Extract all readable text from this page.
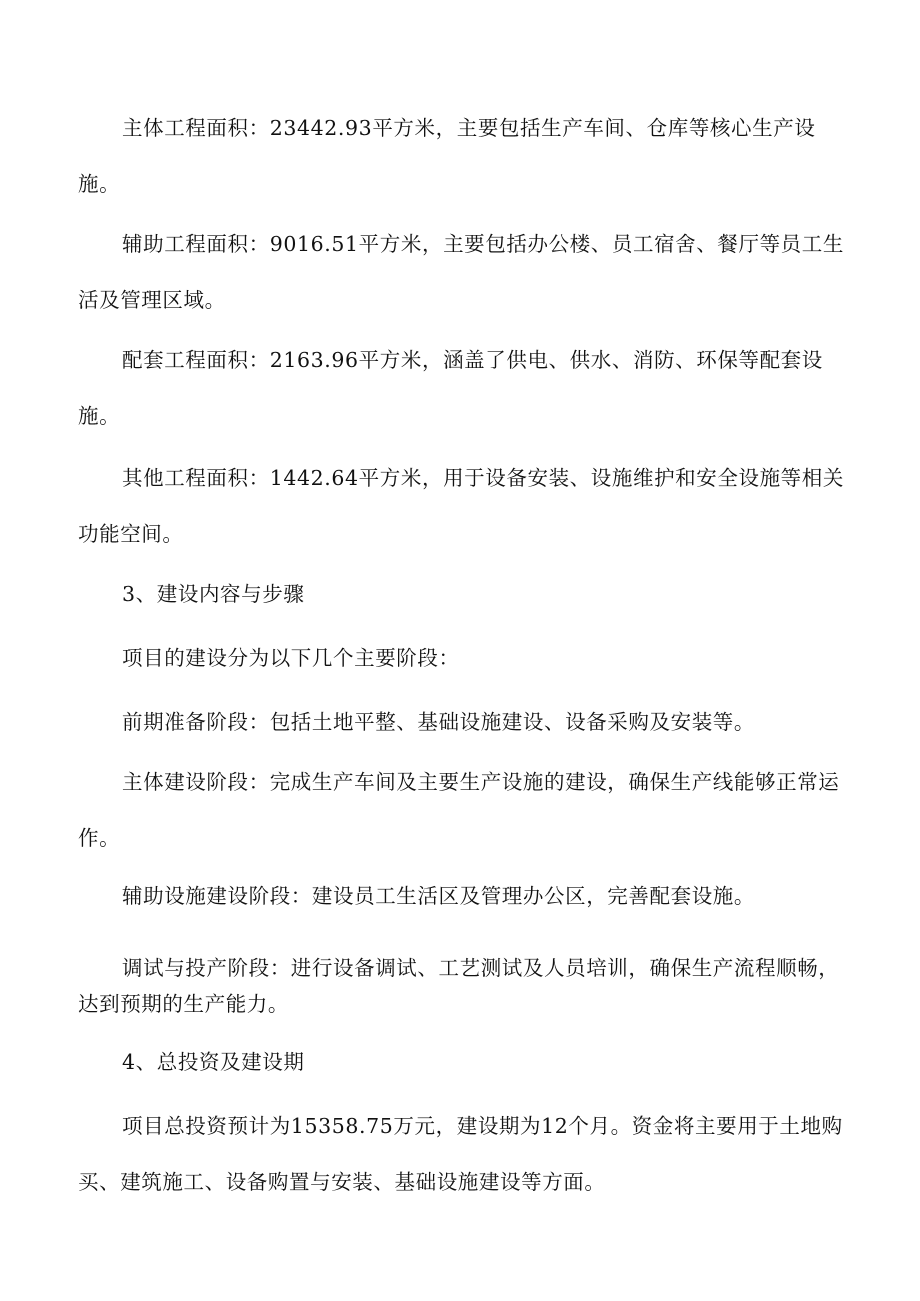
主体工程面积：23442.93平方米，主要包括生产车间、仓库等核心生产设施。

辅助工程面积：9016.51平方米，主要包括办公楼、员工宿舍、餐厅等员工生活及管理区域。

配套工程面积：2163.96平方米，涵盖了供电、供水、消防、环保等配套设施。

其他工程面积：1442.64平方米，用于设备安装、设施维护和安全设施等相关功能空间。

3、建设内容与步骤

项目的建设分为以下几个主要阶段：

前期准备阶段：包括土地平整、基础设施建设、设备采购及安装等。

主体建设阶段：完成生产车间及主要生产设施的建设，确保生产线能够正常运作。

辅助设施建设阶段：建设员工生活区及管理办公区，完善配套设施。

调试与投产阶段：进行设备调试、工艺测试及人员培训，确保生产流程顺畅，达到预期的生产能力。

4、总投资及建设期

项目总投资预计为15358.75万元，建设期为12个月。资金将主要用于土地购买、建筑施工、设备购置与安装、基础设施建设等方面。
